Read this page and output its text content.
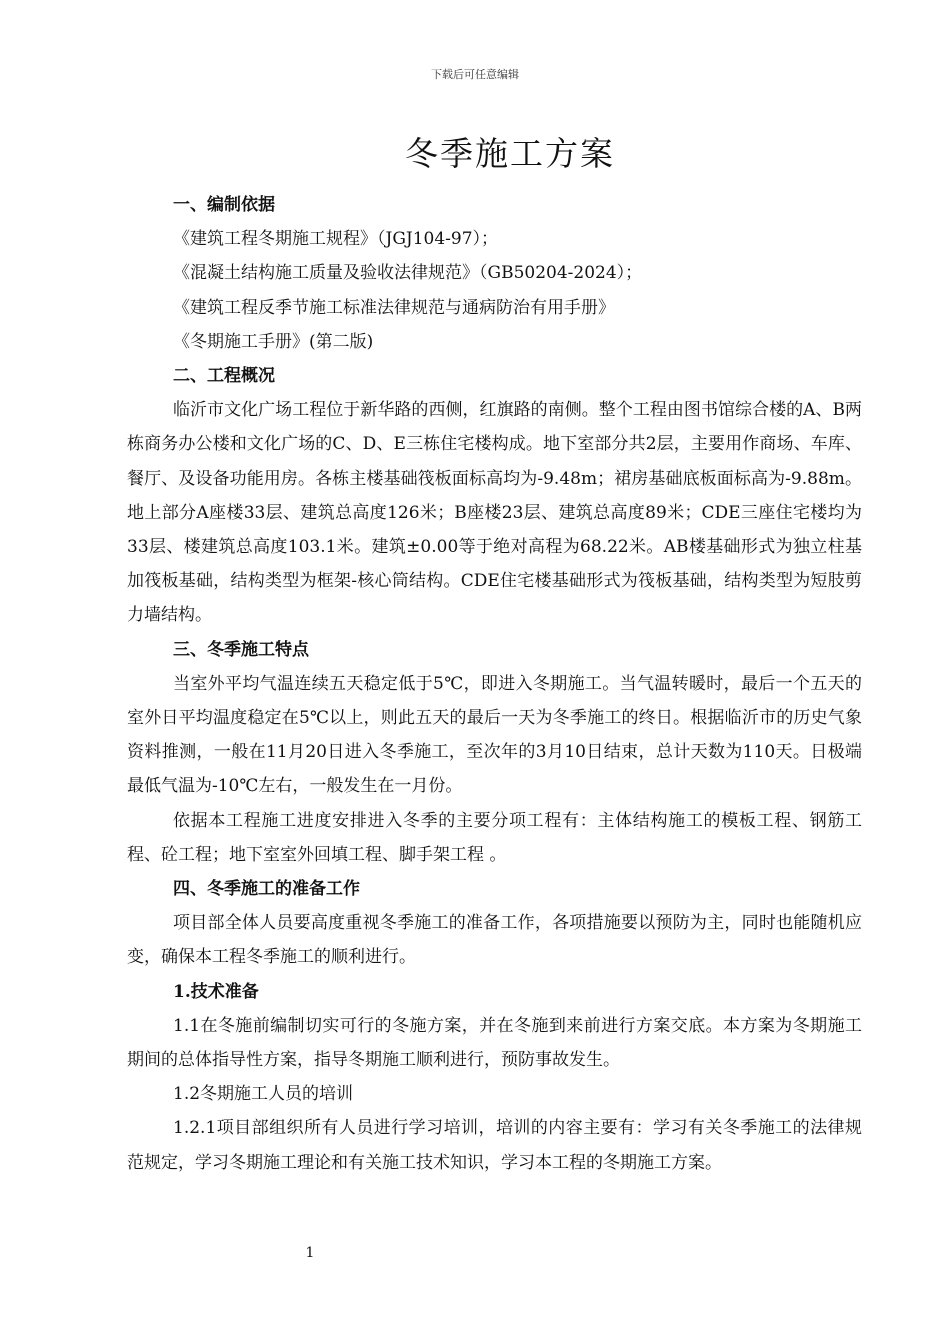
下载后可任意编辑
冬季施工方案

一、编制依据

《建筑工程冬期施工规程》（JGJ104-97）；

《混凝土结构施工质量及验收法律规范》（GB50204-2024）；

《建筑工程反季节施工标准法律规范与通病防治有用手册》

《冬期施工手册》(第二版)

二、工程概况

临沂市文化广场工程位于新华路的西侧，红旗路的南侧。整个工程由图书馆综合楼的A、B两栋商务办公楼和文化广场的C、D、E三栋住宅楼构成。地下室部分共2层，主要用作商场、车库、餐厅、及设备功能用房。各栋主楼基础筏板面标高均为-9.48m；裙房基础底板面标高为-9.88m。地上部分A座楼33层、建筑总高度126米；B座楼23层、建筑总高度89米；CDE三座住宅楼均为33层、楼建筑总高度103.1米。建筑±0.00等于绝对高程为68.22米。AB楼基础形式为独立柱基加筏板基础，结构类型为框架-核心筒结构。CDE住宅楼基础形式为筏板基础，结构类型为短肢剪力墙结构。

三、冬季施工特点

当室外平均气温连续五天稳定低于5℃，即进入冬期施工。当气温转暖时，最后一个五天的室外日平均温度稳定在5℃以上，则此五天的最后一天为冬季施工的终日。根据临沂市的历史气象资料推测，一般在11月20日进入冬季施工，至次年的3月10日结束，总计天数为110天。日极端最低气温为-10℃左右，一般发生在一月份。

依据本工程施工进度安排进入冬季的主要分项工程有：主体结构施工的模板工程、钢筋工程、砼工程；地下室室外回填工程、脚手架工程 。

四、冬季施工的准备工作

项目部全体人员要高度重视冬季施工的准备工作，各项措施要以预防为主，同时也能随机应变，确保本工程冬季施工的顺利进行。

1.技术准备

1.1在冬施前编制切实可行的冬施方案，并在冬施到来前进行方案交底。本方案为冬期施工期间的总体指导性方案，指导冬期施工顺利进行，预防事故发生。

1.2冬期施工人员的培训

1.2.1项目部组织所有人员进行学习培训，培训的内容主要有：学习有关冬季施工的法律规范规定，学习冬期施工理论和有关施工技术知识，学习本工程的冬期施工方案。

1
